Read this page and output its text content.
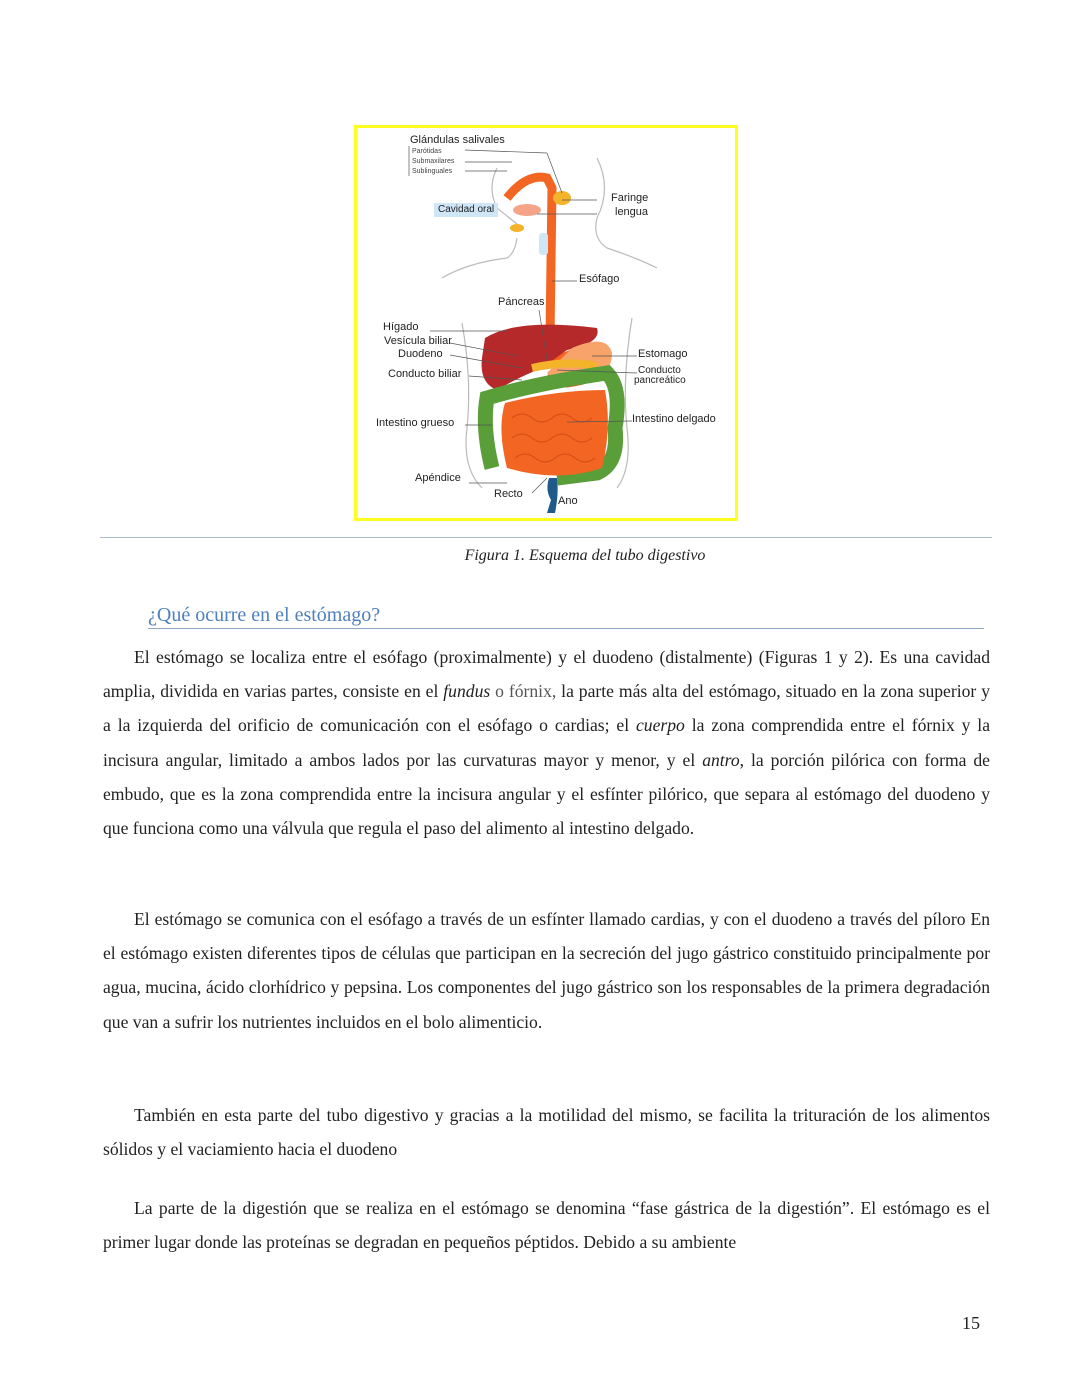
Glándulas salivales
Parótidas
Submaxilares
Sublinguales
Cavidad oral
Faringe
lengua
Esófago
Páncreas
Hígado
Vesícula biliar
Duodeno
Conducto biliar
Estomago
Conducto
pancreático
Intestino grueso	Intestino delgado
Apéndice
Recto
Ano
Figura 1. Esquema del tubo digestivo
¿Qué ocurre en el estómago?

El estómago se localiza entre el esófago (proximalmente) y el duodeno (distalmente) (Figuras 1 y 2). Es una cavidad amplia, dividida en varias partes, consiste en el fundus o fórnix, la parte más alta del estómago, situado en la zona superior y a la izquierda del orificio de comunicación con el esófago o cardias; el cuerpo la zona comprendida entre el fórnix y la incisura angular, limitado a ambos lados por las curvaturas mayor y menor, y el antro, la porción pilórica con forma de embudo, que es la zona comprendida entre la incisura angular y el esfínter pilórico, que separa al estómago del duodeno y que funciona como una válvula que regula el paso del alimento al intestino delgado.

El estómago se comunica con el esófago a través de un esfínter llamado cardias, y con el duodeno a través del píloro En el estómago existen diferentes tipos de células que participan en la secreción del jugo gástrico constituido principalmente por agua, mucina, ácido clorhídrico y pepsina. Los componentes del jugo gástrico son los responsables de la primera degradación que van a sufrir los nutrientes incluidos en el bolo alimenticio.

También en esta parte del tubo digestivo y gracias a la motilidad del mismo, se facilita la trituración de los alimentos sólidos y el vaciamiento hacia el duodeno

La parte de la digestión que se realiza en el estómago se denomina “fase gástrica de la digestión”. El estómago es el primer lugar donde las proteínas se degradan en pequeños péptidos. Debido a su ambiente

15
